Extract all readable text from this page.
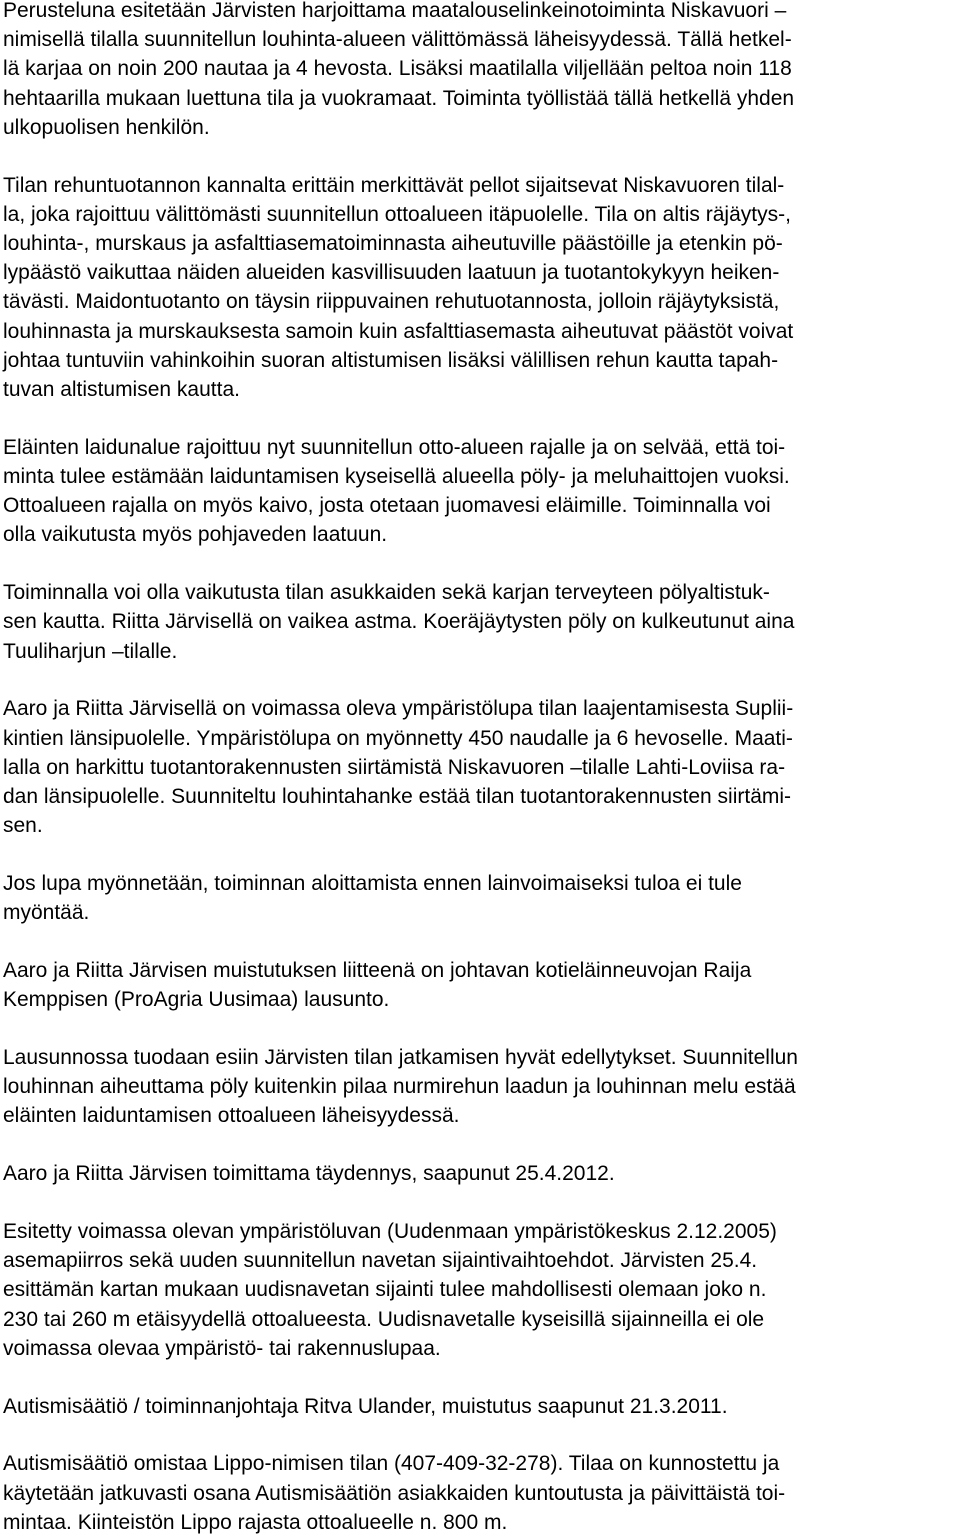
Perusteluna esitetään Järvisten harjoittama maatalouselinkeinotoiminta Niskavuori –
nimisellä tilalla suunnitellun louhinta-alueen välittömässä läheisyydessä. Tällä hetkel-
lä karjaa on noin 200 nautaa ja 4 hevosta. Lisäksi maatilalla viljellään peltoa noin 118
hehtaarilla mukaan luettuna tila ja vuokramaat. Toiminta työllistää tällä hetkellä yhden
ulkopuolisen henkilön.

Tilan rehuntuotannon kannalta erittäin merkittävät pellot sijaitsevat Niskavuoren tilal-
la, joka rajoittuu välittömästi suunnitellun ottoalueen itäpuolelle. Tila on altis räjäytys-,
louhinta-, murskaus ja asfalttiasematoiminnasta aiheutuville päästöille ja etenkin pö-
lypäästö vaikuttaa näiden alueiden kasvillisuuden laatuun ja tuotantokykyyn heiken-
tävästi. Maidontuotanto on täysin riippuvainen rehutuotannosta, jolloin räjäytyksistä,
louhinnasta ja murskauksesta samoin kuin asfalttiasemasta aiheutuvat päästöt voivat
johtaa tuntuviin vahinkoihin suoran altistumisen lisäksi välillisen rehun kautta tapah-
tuvan altistumisen kautta.

Eläinten laidunalue rajoittuu nyt suunnitellun otto-alueen rajalle ja on selvää, että toi-
minta tulee estämään laiduntamisen kyseisellä alueella pöly- ja meluhaittojen vuoksi.
Ottoalueen rajalla on myös kaivo, josta otetaan juomavesi eläimille. Toiminnalla voi
olla vaikutusta myös pohjaveden laatuun.

Toiminnalla voi olla vaikutusta tilan asukkaiden sekä karjan terveyteen pölyaltistuk-
sen kautta. Riitta Järvisellä on vaikea astma. Koeräjäytysten pöly on kulkeutunut aina
Tuuliharjun –tilalle.

Aaro ja Riitta Järvisellä on voimassa oleva ympäristölupa tilan laajentamisesta Suplii-
kintien länsipuolelle. Ympäristölupa on myönnetty 450 naudalle ja 6 hevoselle. Maati-
lalla on harkittu tuotantorakennusten siirtämistä Niskavuoren –tilalle Lahti-Loviisa ra-
dan länsipuolelle. Suunniteltu louhintahanke estää tilan tuotantorakennusten siirtämi-
sen.

Jos lupa myönnetään, toiminnan aloittamista ennen lainvoimaiseksi tuloa ei tule
myöntää.

Aaro ja Riitta Järvisen muistutuksen liitteenä on johtavan kotieläinneuvojan Raija
Kemppisen (ProAgria Uusimaa) lausunto.

Lausunnossa tuodaan esiin Järvisten tilan jatkamisen hyvät edellytykset. Suunnitellun
louhinnan aiheuttama pöly kuitenkin pilaa nurmirehun laadun ja louhinnan melu estää
eläinten laiduntamisen ottoalueen läheisyydessä.

Aaro ja Riitta Järvisen toimittama täydennys, saapunut 25.4.2012.

Esitetty voimassa olevan ympäristöluvan (Uudenmaan ympäristökeskus 2.12.2005)
asemapiirros sekä uuden suunnitellun navetan sijaintivaihtoehdot. Järvisten 25.4.
esittämän kartan mukaan uudisnavetan sijainti tulee mahdollisesti olemaan joko n.
230 tai 260 m etäisyydellä ottoalueesta. Uudisnavetalle kyseisillä sijainneilla ei ole
voimassa olevaa ympäristö- tai rakennuslupaa.

Autismisäätiö / toiminnanjohtaja Ritva Ulander, muistutus saapunut 21.3.2011.

Autismisäätiö omistaa Lippo-nimisen tilan (407-409-32-278). Tilaa on kunnostettu ja
käytetään jatkuvasti osana Autismisäätiön asiakkaiden kuntoutusta ja päivittäistä toi-
mintaa. Kiinteistön Lippo rajasta ottoalueelle n. 800 m.
